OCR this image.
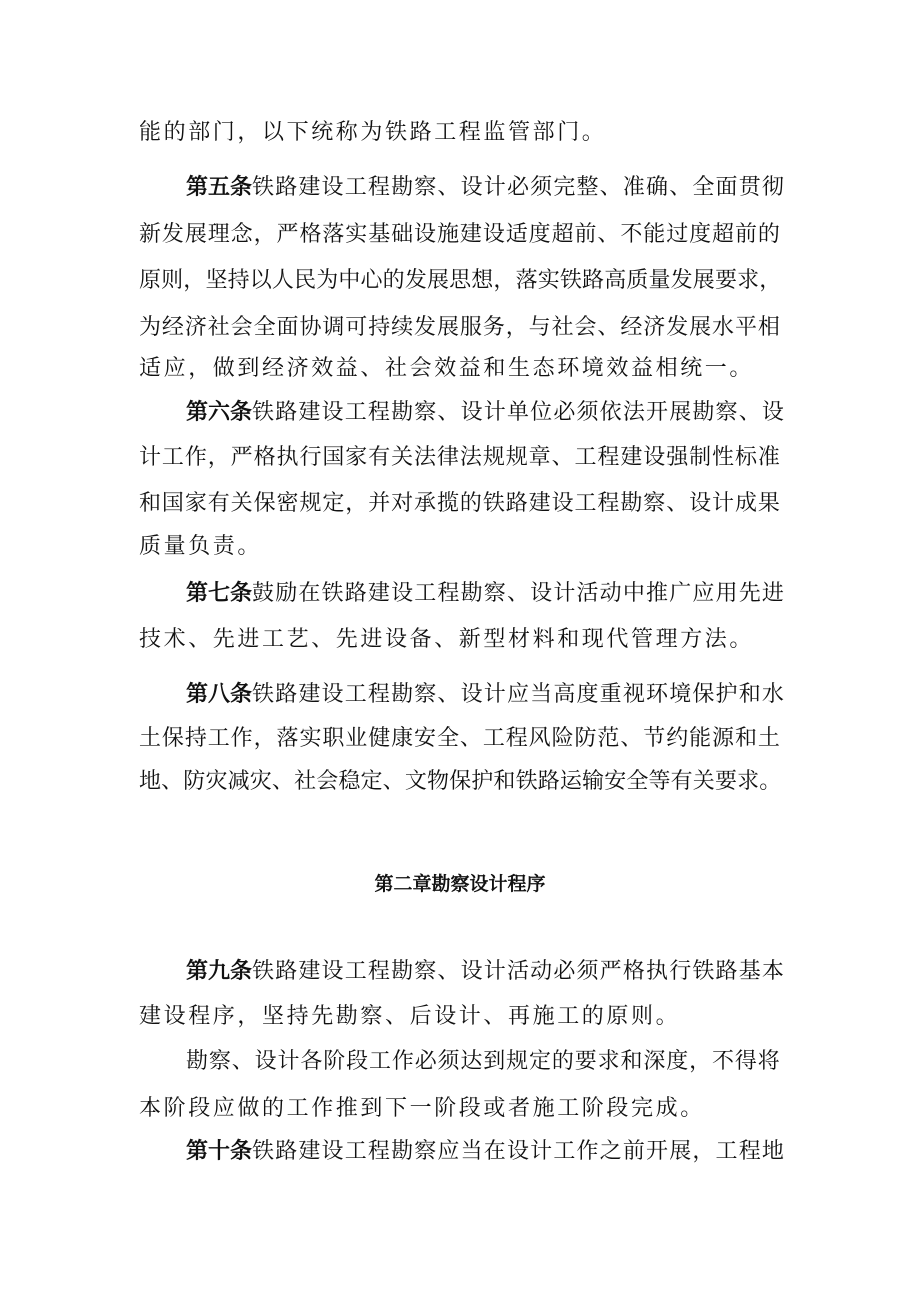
能的部门，以下统称为铁路工程监管部门。
第五条铁路建设工程勘察、设计必须完整、准确、全面贯彻
新发展理念，严格落实基础设施建设适度超前、不能过度超前的
原则，坚持以人民为中心的发展思想，落实铁路高质量发展要求，
为经济社会全面协调可持续发展服务，与社会、经济发展水平相
适应，做到经济效益、社会效益和生态环境效益相统一。
第六条铁路建设工程勘察、设计单位必须依法开展勘察、设
计工作，严格执行国家有关法律法规规章、工程建设强制性标准
和国家有关保密规定，并对承揽的铁路建设工程勘察、设计成果
质量负责。
第七条鼓励在铁路建设工程勘察、设计活动中推广应用先进
技术、先进工艺、先进设备、新型材料和现代管理方法。
第八条铁路建设工程勘察、设计应当高度重视环境保护和水
土保持工作，落实职业健康安全、工程风险防范、节约能源和土
地、防灾减灾、社会稳定、文物保护和铁路运输安全等有关要求。
第二章勘察设计程序
第九条铁路建设工程勘察、设计活动必须严格执行铁路基本
建设程序，坚持先勘察、后设计、再施工的原则。
勘察、设计各阶段工作必须达到规定的要求和深度，不得将
本阶段应做的工作推到下一阶段或者施工阶段完成。
第十条铁路建设工程勘察应当在设计工作之前开展，工程地
